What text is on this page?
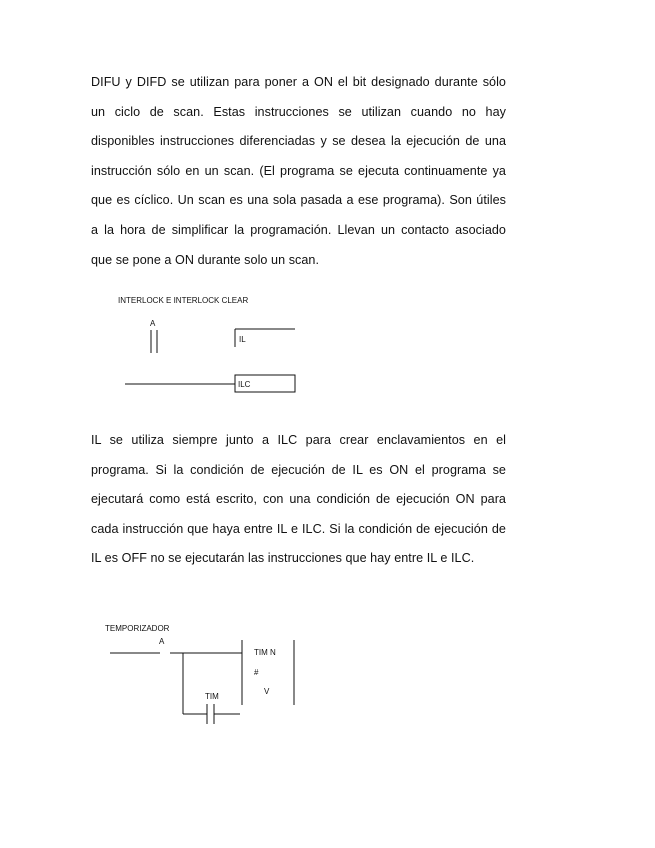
DIFU y DIFD se utilizan para poner a ON el bit designado durante sólo
un ciclo de scan. Estas instrucciones se utilizan cuando no hay
disponibles instrucciones diferenciadas y se desea la ejecución de una
instrucción sólo en un scan. (El programa se ejecuta continuamente ya
que es cíclico. Un scan es una sola pasada a ese programa). Son útiles
a la hora de simplificar la programación. Llevan un contacto asociado
que se pone a ON durante solo un scan.
INTERLOCK E INTERLOCK CLEAR
A
IL
ILC
TEMPORIZADOR
A
TIM N
#
V
TIM
IL se utiliza siempre junto a ILC para crear enclavamientos en el
programa. Si la condición de ejecución de IL es ON el programa se
ejecutará como está escrito, con una condición de ejecución ON para
cada instrucción que haya entre IL e ILC. Si la condición de ejecución de
IL es OFF no se ejecutarán las instrucciones que hay entre IL e ILC.
